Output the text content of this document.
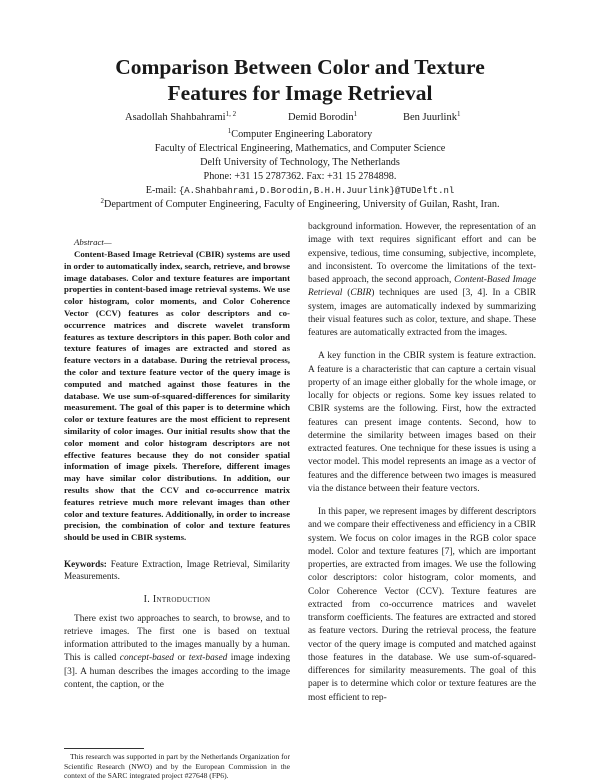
Comparison Between Color and Texture
Features for Image Retrieval
Asadollah Shahbahrami$^{1, 2}$	Demid Borodin$^1$	Ben Juurlink$^1$
$^1$Computer Engineering Laboratory
Faculty of Electrical Engineering, Mathematics, and Computer Science
Delft University of Technology, The Netherlands
Phone: +31 15 2787362. Fax: +31 15 2784898.
E-mail: {A.Shahbahrami,D.Borodin,B.H.H.Juurlink}@TUDelft.nl
$^2$Department of Computer Engineering, Faculty of Engineering, University of Guilan, Rasht, Iran.
Abstract—

Content-Based Image Retrieval (CBIR) systems are used in order to automatically index, search, retrieve, and browse image databases. Color and texture features are important properties in content-based image retrieval systems. We use color histogram, color moments, and Color Coherence Vector (CCV) features as color descriptors and co-occurrence matrices and discrete wavelet transform features as texture descriptors in this paper. Both color and texture features of images are extracted and stored as feature vectors in a database. During the retrieval process, the color and texture feature vector of the query image is computed and matched against those features in the database. We use sum-of-squared-differences for similarity measurement. The goal of this paper is to determine which color or texture features are the most efficient to represent similarity of color images. Our initial results show that the color moment and color histogram descriptors are not effective features because they do not consider spatial information of image pixels. Therefore, different images may have similar color distributions. In addition, our results show that the CCV and co-occurrence matrix features retrieve much more relevant images than other color and texture features. Additionally, in order to increase precision, the combination of color and texture features should be used in CBIR systems.

Keywords: Feature Extraction, Image Retrieval, Similarity Measurements.

I. Introduction

There exist two approaches to search, to browse, and to retrieve images. The first one is based on textual information attributed to the images manually by a human. This is called concept-based or text-based image indexing [3]. A human describes the images according to the image content, the caption, or the

background information. However, the representation of an image with text requires significant effort and can be expensive, tedious, time consuming, subjective, incomplete, and inconsistent. To overcome the limitations of the text-based approach, the second approach, Content-Based Image Retrieval (CBIR) techniques are used [3, 4]. In a CBIR system, images are automatically indexed by summarizing their visual features such as color, texture, and shape. These features are automatically extracted from the images.

A key function in the CBIR system is feature extraction. A feature is a characteristic that can capture a certain visual property of an image either globally for the whole image, or locally for objects or regions. Some key issues related to CBIR systems are the following. First, how the extracted features can present image contents. Second, how to determine the similarity between images based on their extracted features. One technique for these issues is using a vector model. This model represents an image as a vector of features and the difference between two images is measured via the distance between their feature vectors.

In this paper, we represent images by different descriptors and we compare their effectiveness and efficiency in a CBIR system. We focus on color images in the RGB color space model. Color and texture features [7], which are important properties, are extracted from images. We use the following color descriptors: color histogram, color moments, and Color Coherence Vector (CCV). Texture features are extracted from co-occurrence matrices and wavelet transform coefficients. The features are extracted and stored as feature vectors. During the retrieval process, the feature vector of the query image is computed and matched against those features in the database. We use sum-of-squared-differences for similarity measurements. The goal of this paper is to determine which color or texture features are the most efficient to rep-

This research was supported in part by the Netherlands Organization for Scientific Research (NWO) and by the European Commission in the context of the SARC integrated project #27648 (FP6).
